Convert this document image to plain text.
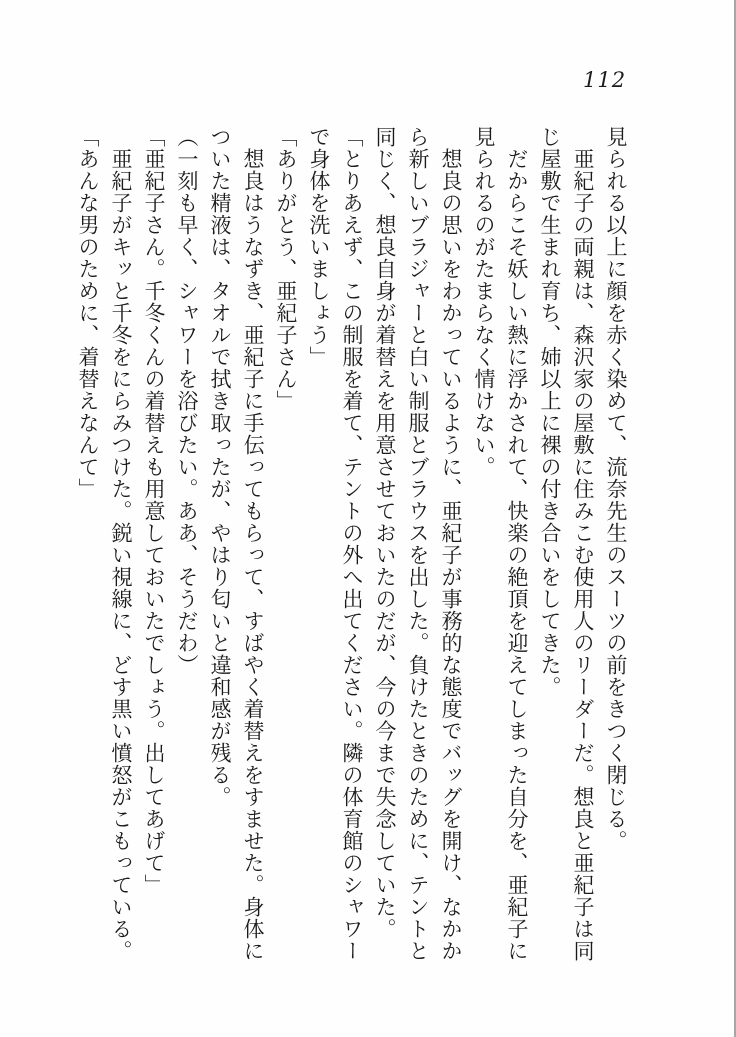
112

見られる以上に顔を赤く染めて、流奈先生のスーツの前をきつく閉じる。

亜紀子の両親は、森沢家の屋敷に住みこむ使用人のリーダーだ。想良と亜紀子は同じ屋敷で生まれ育ち、姉以上に裸の付き合いをしてきた。

だからこそ妖しい熱に浮かされて、快楽の絶頂を迎えてしまった自分を、亜紀子に見られるのがたまらなく情けない。

想良の思いをわかっているように、亜紀子が事務的な態度でバッグを開け、なかから新しいブラジャーと白い制服とブラウスを出した。負けたときのために、テントと同じく、想良自身が着替えを用意させておいたのだが、今の今まで失念していた。

「とりあえず、この制服を着て、テントの外へ出てください。隣の体育館のシャワーで身体を洗いましょう」

「ありがとう、亜紀子さん」

想良はうなずき、亜紀子に手伝ってもらって、すばやく着替えをすませた。身体についた精液は、タオルで拭き取ったが、やはり匂いと違和感が残る。

（一刻も早く、シャワーを浴びたい。ああ、そうだわ）

「亜紀子さん。千冬くんの着替えも用意しておいたでしょう。出してあげて」

亜紀子がキッと千冬をにらみつけた。鋭い視線に、どす黒い憤怒がこもっている。

「あんな男のために、着替えなんて」
